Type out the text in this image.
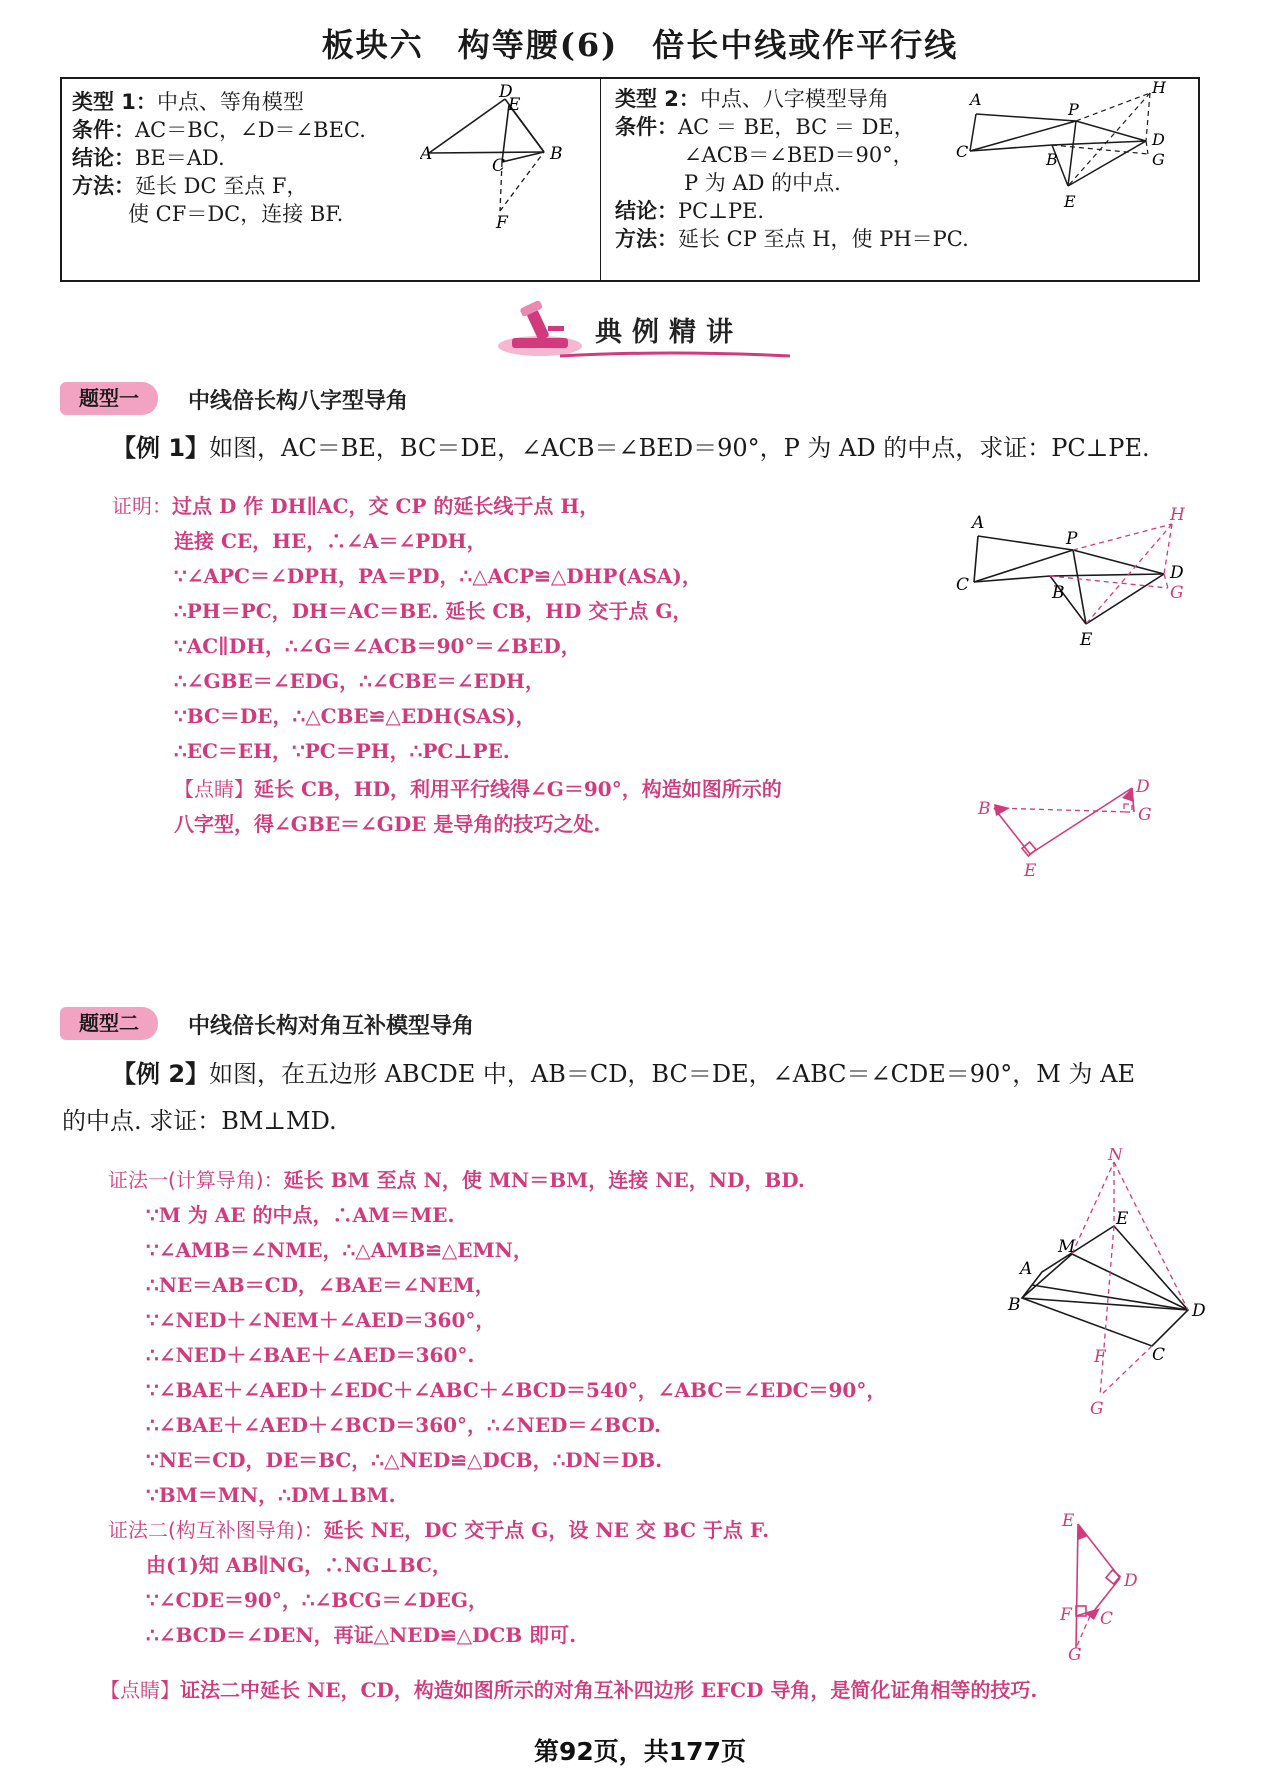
板块六　构等腰(6)　倍长中线或作平行线
类型 1：中点、等角模型
条件：AC＝BC，∠D＝∠BEC.
结论：BE＝AD.
方法：延长 DC 至点 F，
使 CF＝DC，连接 BF.
D
E
A
C
B
F
类型 2：中点、八字模型导角
条件：AC ＝ BE，BC ＝ DE，
∠ACB＝∠BED＝90°，
P 为 AD 的中点.
结论：PC⊥PE.
方法：延长 CP 至点 H，使 PH＝PC.
A
H
P
C	B
D
G
E
典例精讲
题型一	中线倍长构八字型导角
【例 1】如图，AC＝BE，BC＝DE，∠ACB＝∠BED＝90°，P 为 AD 的中点，求证：PC⊥PE.
证明：过点 D 作 DH∥AC，交 CP 的延长线于点 H，
连接 CE，HE，∴∠A＝∠PDH，
∵∠APC＝∠DPH，PA＝PD，∴△ACP≌△DHP(ASA)，
∴PH＝PC，DH＝AC＝BE. 延长 CB，HD 交于点 G，
∵AC∥DH，∴∠G＝∠ACB＝90°＝∠BED，
∴∠GBE＝∠EDG，∴∠CBE＝∠EDH，
∵BC＝DE，∴△CBE≌△EDH(SAS)，
∴EC＝EH，∵PC＝PH，∴PC⊥PE.
【点睛】延长 CB，HD，利用平行线得∠G＝90°，构造如图所示的
八字型，得∠GBE＝∠GDE 是导角的技巧之处.
A	H
P
C	B
D
G
E
B
D
G
E
题型二	中线倍长构对角互补模型导角
【例 2】如图，在五边形 ABCDE 中，AB＝CD，BC＝DE，∠ABC＝∠CDE＝90°，M 为 AE
的中点. 求证：BM⊥MD.
证法一(计算导角)：延长 BM 至点 N，使 MN＝BM，连接 NE，ND，BD.
∵M 为 AE 的中点，∴AM＝ME.
∵∠AMB＝∠NME，∴△AMB≌△EMN，
∴NE＝AB＝CD，∠BAE＝∠NEM，
∵∠NED＋∠NEM＋∠AED＝360°，
∴∠NED＋∠BAE＋∠AED＝360°.
∵∠BAE＋∠AED＋∠EDC＋∠ABC＋∠BCD＝540°，∠ABC＝∠EDC＝90°，
∴∠BAE＋∠AED＋∠BCD＝360°，∴∠NED＝∠BCD.
∵NE＝CD，DE＝BC，∴△NED≌△DCB，∴DN＝DB.
∵BM＝MN，∴DM⊥BM.
证法二(构互补图导角)：延长 NE，DC 交于点 G，设 NE 交 BC 于点 F.
由(1)知 AB∥NG，∴NG⊥BC，
∵∠CDE＝90°，∴∠BCG＝∠DEG，
∴∠BCD＝∠DEN，再证△NED≌△DCB 即可.
【点睛】证法二中延长 NE，CD，构造如图所示的对角互补四边形 EFCD 导角，是简化证角相等的技巧.
N
E
M
A
D
B
F	C
G
E
D
F C
G
第92页，共177页
